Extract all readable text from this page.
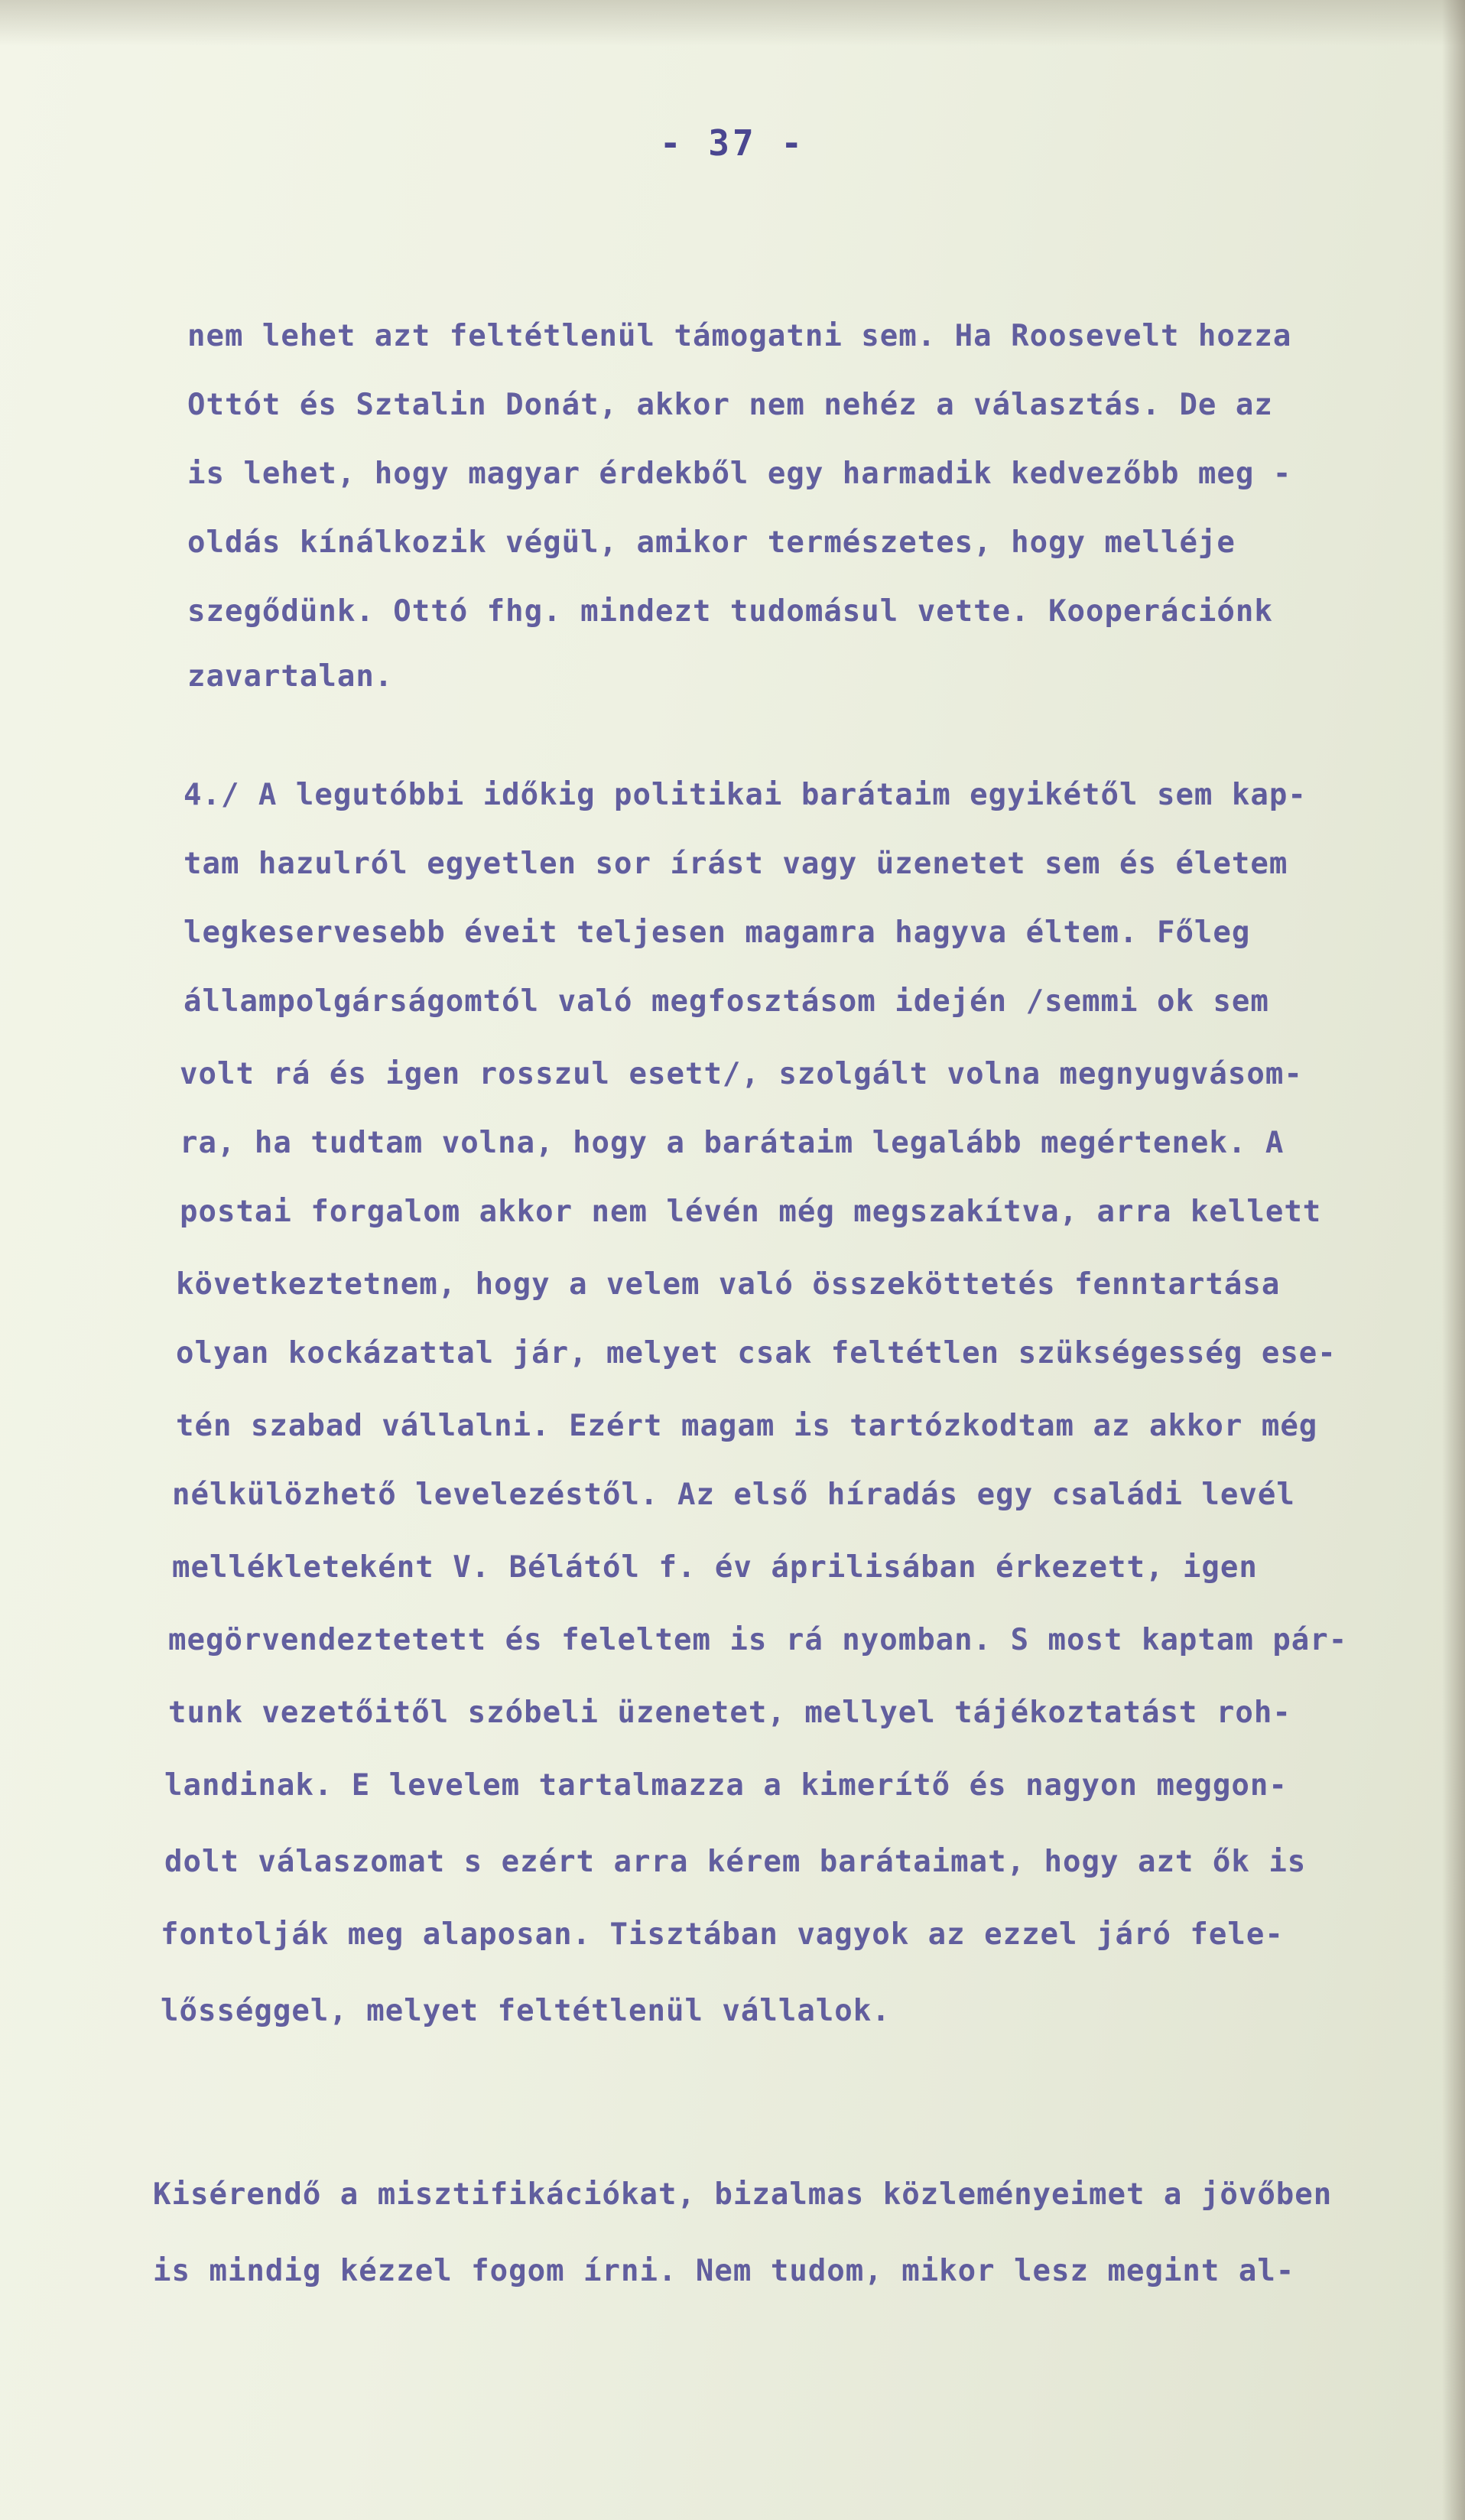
- 37 -
nem lehet azt feltétlenül támogatni sem. Ha Roosevelt hozza
Ottót és Sztalin Donát, akkor nem nehéz a választás. De az
is lehet, hogy magyar érdekből egy harmadik kedvezőbb meg -
oldás kínálkozik végül, amikor természetes, hogy melléje
szegődünk. Ottó fhg. mindezt tudomásul vette. Kooperációnk
zavartalan.
4./ A legutóbbi időkig politikai barátaim egyikétől sem kap-
tam hazulról egyetlen sor írást vagy üzenetet sem és életem
legkeservesebb éveit teljesen magamra hagyva éltem. Főleg
állampolgárságomtól való megfosztásom idején /semmi ok sem
volt rá és igen rosszul esett/, szolgált volna megnyugvásom-
ra, ha tudtam volna, hogy a barátaim legalább megértenek. A
postai forgalom akkor nem lévén még megszakítva, arra kellett
következtetnem, hogy a velem való összeköttetés fenntartása
olyan kockázattal jár, melyet csak feltétlen szükségesség ese-
tén szabad vállalni. Ezért magam is tartózkodtam az akkor még
nélkülözhető levelezéstől. Az első híradás egy családi levél
mellékleteként V. Bélától f. év áprilisában érkezett, igen
megörvendeztetett és feleltem is rá nyomban. S most kaptam pár-
tunk vezetőitől szóbeli üzenetet, mellyel tájékoztatást roh-
landinak. E levelem tartalmazza a kimerítő és nagyon meggon-
dolt válaszomat s ezért arra kérem barátaimat, hogy azt ők is
fontolják meg alaposan. Tisztában vagyok az ezzel járó fele-
lősséggel, melyet feltétlenül vállalok.
Kisérendő a misztifikációkat, bizalmas közleményeimet a jövőben
is mindig kézzel fogom írni. Nem tudom, mikor lesz megint al-
